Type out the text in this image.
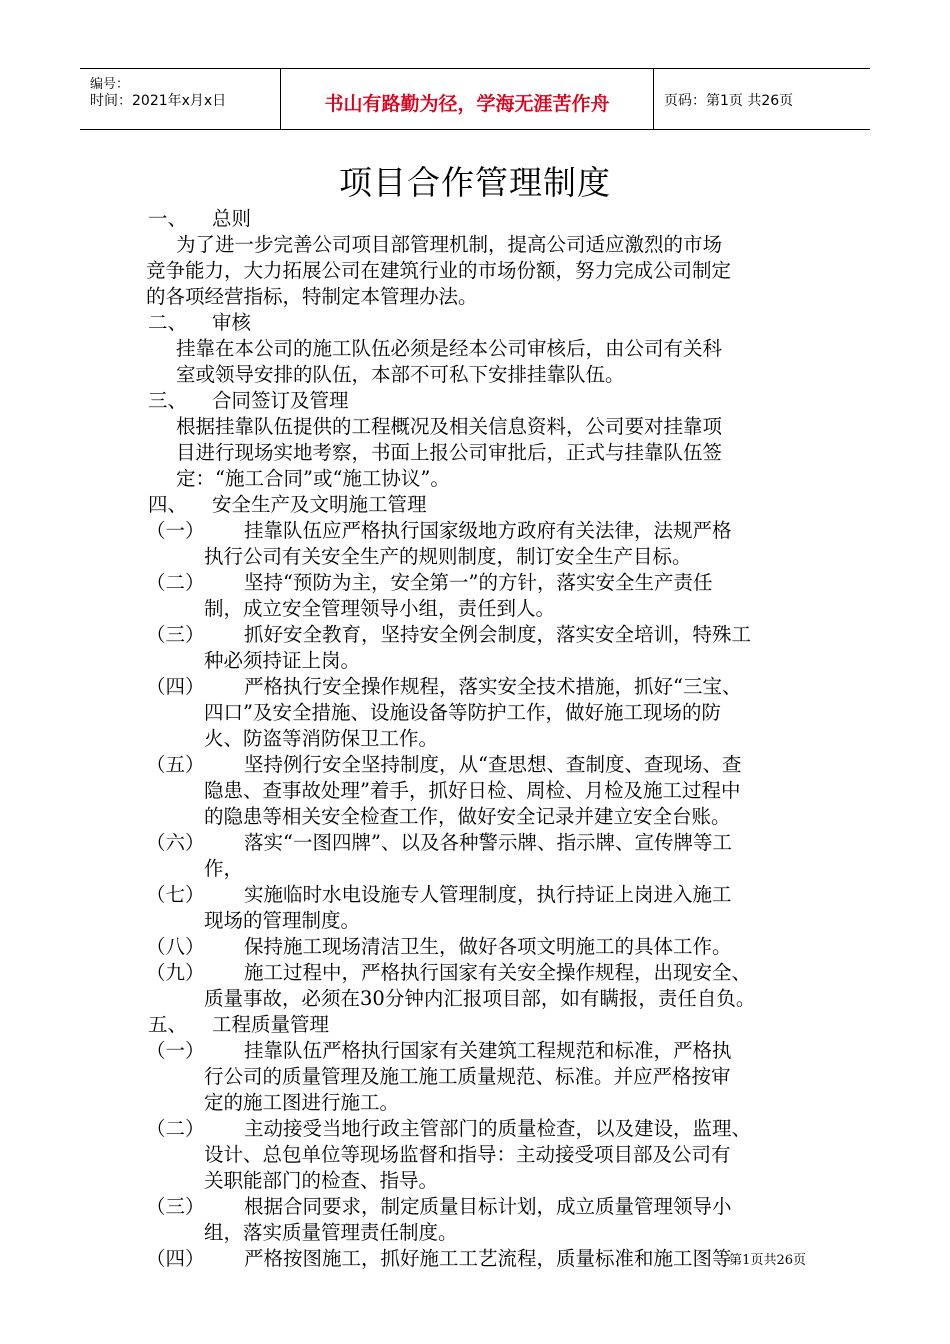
编号：
时间：2021年x月x日	书山有路勤为径，学海无涯苦作舟	页码：第1页 共26页
项目合作管理制度
一、 总则
为了进一步完善公司项目部管理机制，提高公司适应激烈的市场
竞争能力，大力拓展公司在建筑行业的市场份额，努力完成公司制定
的各项经营指标，特制定本管理办法。
二、 审核
挂靠在本公司的施工队伍必须是经本公司审核后，由公司有关科
室或领导安排的队伍，本部不可私下安排挂靠队伍。
三、 合同签订及管理
根据挂靠队伍提供的工程概况及相关信息资料，公司要对挂靠项
目进行现场实地考察，书面上报公司审批后，正式与挂靠队伍签
定：“施工合同”或“施工协议”。
四、 安全生产及文明施工管理
（一） 挂靠队伍应严格执行国家级地方政府有关法律，法规严格
执行公司有关安全生产的规则制度，制订安全生产目标。
（二） 坚持“预防为主，安全第一”的方针，落实安全生产责任
制，成立安全管理领导小组，责任到人。
（三） 抓好安全教育，坚持安全例会制度，落实安全培训，特殊工
种必须持证上岗。
（四） 严格执行安全操作规程，落实安全技术措施，抓好“三宝、
四口”及安全措施、设施设备等防护工作，做好施工现场的防
火、防盗等消防保卫工作。
（五） 坚持例行安全坚持制度，从“查思想、查制度、查现场、查
隐患、查事故处理”着手，抓好日检、周检、月检及施工过程中
的隐患等相关安全检查工作，做好安全记录并建立安全台账。
（六） 落实“一图四牌”、以及各种警示牌、指示牌、宣传牌等工
作，
（七） 实施临时水电设施专人管理制度，执行持证上岗进入施工
现场的管理制度。
（八） 保持施工现场清洁卫生，做好各项文明施工的具体工作。
（九） 施工过程中，严格执行国家有关安全操作规程，出现安全、
质量事故，必须在30分钟内汇报项目部，如有瞒报，责任自负。
五、 工程质量管理
（一） 挂靠队伍严格执行国家有关建筑工程规范和标准，严格执
行公司的质量管理及施工施工质量规范、标准。并应严格按审
定的施工图进行施工。
（二） 主动接受当地行政主管部门的质量检查，以及建设，监理、
设计、总包单位等现场监督和指导：主动接受项目部及公司有
关职能部门的检查、指导。
（三） 根据合同要求，制定质量目标计划，成立质量管理领导小
组，落实质量管理责任制度。
（四） 严格按图施工，抓好施工工艺流程，质量标准和施工图等
第1页共26页
